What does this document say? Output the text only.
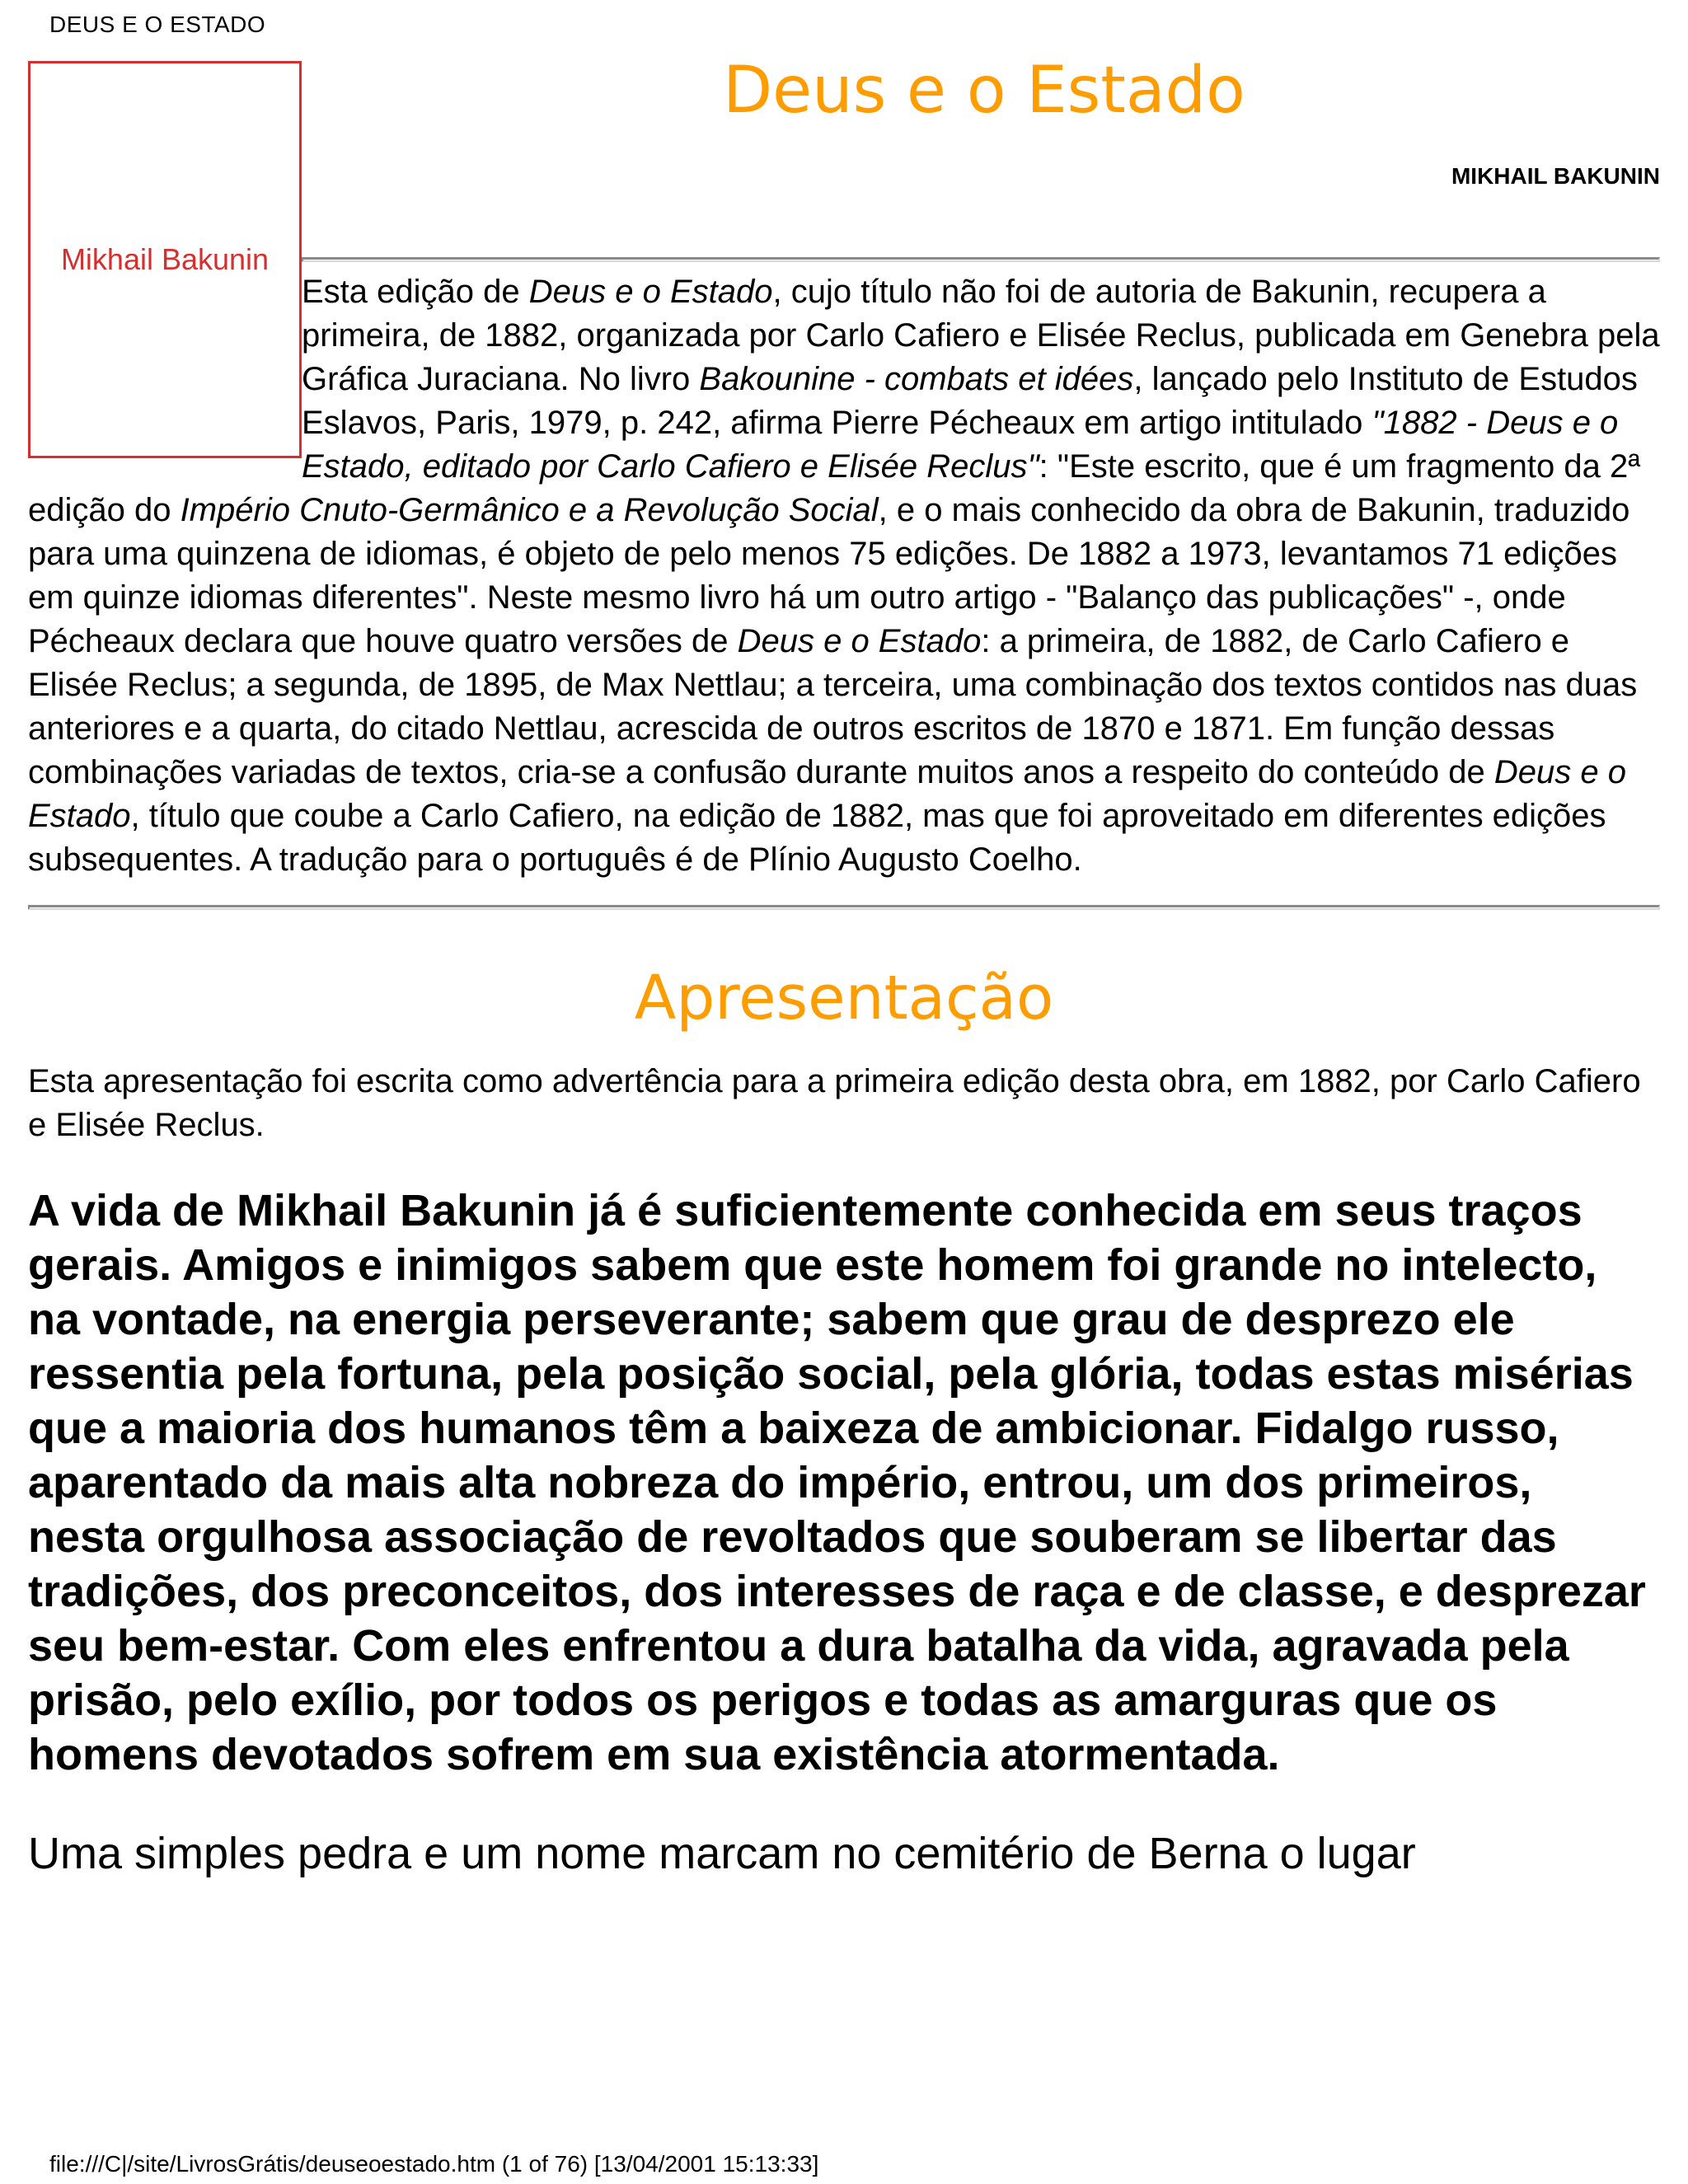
DEUS E O ESTADO
Mikhail Bakunin
Deus e o Estado
MIKHAIL BAKUNIN

Esta edição de Deus e o Estado, cujo título não foi de autoria de Bakunin, recupera a primeira, de 1882, organizada por Carlo Cafiero e Elisée Reclus, publicada em Genebra pela Gráfica Juraciana. No livro Bakounine - combats et idées, lançado pelo Instituto de Estudos Eslavos, Paris, 1979, p. 242, afirma Pierre Pécheaux em artigo intitulado "1882 - Deus e o Estado, editado por Carlo Cafiero e Elisée Reclus": "Este escrito, que é um fragmento da 2ª edição do Império Cnuto-Germânico e a Revolução Social, e o mais conhecido da obra de Bakunin, traduzido para uma quinzena de idiomas, é objeto de pelo menos 75 edições. De 1882 a 1973, levantamos 71 edições em quinze idiomas diferentes". Neste mesmo livro há um outro artigo - "Balanço das publicações" -, onde Pécheaux declara que houve quatro versões de Deus e o Estado: a primeira, de 1882, de Carlo Cafiero e Elisée Reclus; a segunda, de 1895, de Max Nettlau; a terceira, uma combinação dos textos contidos nas duas anteriores e a quarta, do citado Nettlau, acrescida de outros escritos de 1870 e 1871. Em função dessas combinações variadas de textos, cria-se a confusão durante muitos anos a respeito do conteúdo de Deus e o Estado, título que coube a Carlo Cafiero, na edição de 1882, mas que foi aproveitado em diferentes edições subsequentes. A tradução para o português é de Plínio Augusto Coelho.

Apresentação

Esta apresentação foi escrita como advertência para a primeira edição desta obra, em 1882, por Carlo Cafiero e Elisée Reclus.

A vida de Mikhail Bakunin já é suficientemente conhecida em seus traços gerais. Amigos e inimigos sabem que este homem foi grande no intelecto, na vontade, na energia perseverante; sabem que grau de desprezo ele ressentia pela fortuna, pela posição social, pela glória, todas estas misérias que a maioria dos humanos têm a baixeza de ambicionar. Fidalgo russo, aparentado da mais alta nobreza do império, entrou, um dos primeiros, nesta orgulhosa associação de revoltados que souberam se libertar das tradições, dos preconceitos, dos interesses de raça e de classe, e desprezar seu bem-estar. Com eles enfrentou a dura batalha da vida, agravada pela prisão, pelo exílio, por todos os perigos e todas as amarguras que os homens devotados sofrem em sua existência atormentada.

Uma simples pedra e um nome marcam no cemitério de Berna o lugar

file:///C|/site/LivrosGrátis/deuseoestado.htm (1 of 76) [13/04/2001 15:13:33]
